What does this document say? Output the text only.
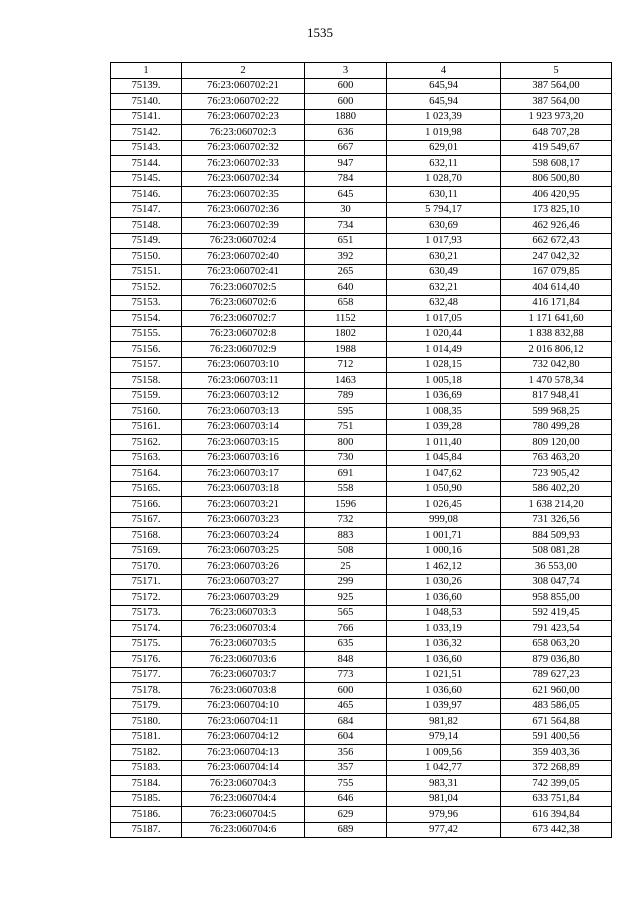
1535
1	2	3	4	5
75139.	76:23:060702:21	600	645,94	387 564,00
75140.	76:23:060702:22	600	645,94	387 564,00
75141.	76:23:060702:23	1880	1 023,39	1 923 973,20
75142.	76:23:060702:3	636	1 019,98	648 707,28
75143.	76:23:060702:32	667	629,01	419 549,67
75144.	76:23:060702:33	947	632,11	598 608,17
75145.	76:23:060702:34	784	1 028,70	806 500,80
75146.	76:23:060702:35	645	630,11	406 420,95
75147.	76:23:060702:36	30	5 794,17	173 825,10
75148.	76:23:060702:39	734	630,69	462 926,46
75149.	76:23:060702:4	651	1 017,93	662 672,43
75150.	76:23:060702:40	392	630,21	247 042,32
75151.	76:23:060702:41	265	630,49	167 079,85
75152.	76:23:060702:5	640	632,21	404 614,40
75153.	76:23:060702:6	658	632,48	416 171,84
75154.	76:23:060702:7	1152	1 017,05	1 171 641,60
75155.	76:23:060702:8	1802	1 020,44	1 838 832,88
75156.	76:23:060702:9	1988	1 014,49	2 016 806,12
75157.	76:23:060703:10	712	1 028,15	732 042,80
75158.	76:23:060703:11	1463	1 005,18	1 470 578,34
75159.	76:23:060703:12	789	1 036,69	817 948,41
75160.	76:23:060703:13	595	1 008,35	599 968,25
75161.	76:23:060703:14	751	1 039,28	780 499,28
75162.	76:23:060703:15	800	1 011,40	809 120,00
75163.	76:23:060703:16	730	1 045,84	763 463,20
75164.	76:23:060703:17	691	1 047,62	723 905,42
75165.	76:23:060703:18	558	1 050,90	586 402,20
75166.	76:23:060703:21	1596	1 026,45	1 638 214,20
75167.	76:23:060703:23	732	999,08	731 326,56
75168.	76:23:060703:24	883	1 001,71	884 509,93
75169.	76:23:060703:25	508	1 000,16	508 081,28
75170.	76:23:060703:26	25	1 462,12	36 553,00
75171.	76:23:060703:27	299	1 030,26	308 047,74
75172.	76:23:060703:29	925	1 036,60	958 855,00
75173.	76:23:060703:3	565	1 048,53	592 419,45
75174.	76:23:060703:4	766	1 033,19	791 423,54
75175.	76:23:060703:5	635	1 036,32	658 063,20
75176.	76:23:060703:6	848	1 036,60	879 036,80
75177.	76:23:060703:7	773	1 021,51	789 627,23
75178.	76:23:060703:8	600	1 036,60	621 960,00
75179.	76:23:060704:10	465	1 039,97	483 586,05
75180.	76:23:060704:11	684	981,82	671 564,88
75181.	76:23:060704:12	604	979,14	591 400,56
75182.	76:23:060704:13	356	1 009,56	359 403,36
75183.	76:23:060704:14	357	1 042,77	372 268,89
75184.	76:23:060704:3	755	983,31	742 399,05
75185.	76:23:060704:4	646	981,04	633 751,84
75186.	76:23:060704:5	629	979,96	616 394,84
75187.	76:23:060704:6	689	977,42	673 442,38
